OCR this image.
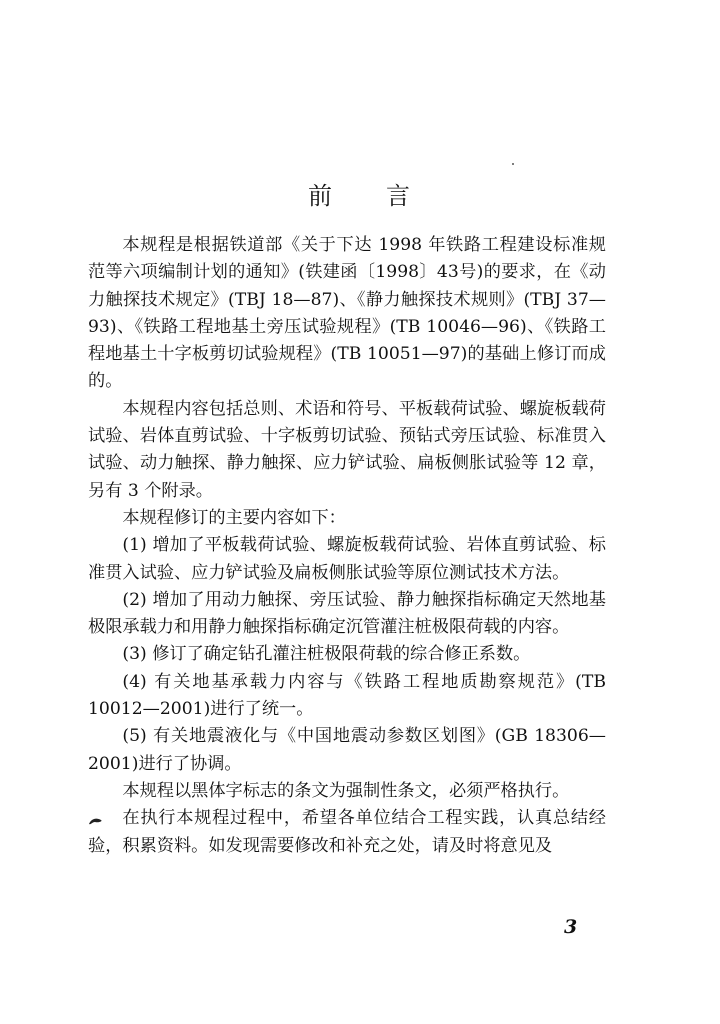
前 言

本规程是根据铁道部《关于下达 1998 年铁路工程建设标准规范等六项编制计划的通知》(铁建函〔1998〕43号)的要求，在《动力触探技术规定》(TBJ 18—87)、《静力触探技术规则》(TBJ 37—93)、《铁路工程地基土旁压试验规程》(TB 10046—96)、《铁路工程地基土十字板剪切试验规程》(TB 10051—97)的基础上修订而成的。

本规程内容包括总则、术语和符号、平板载荷试验、螺旋板载荷试验、岩体直剪试验、十字板剪切试验、预钻式旁压试验、标准贯入试验、动力触探、静力触探、应力铲试验、扁板侧胀试验等 12 章，另有 3 个附录。

本规程修订的主要内容如下：

(1) 增加了平板载荷试验、螺旋板载荷试验、岩体直剪试验、标准贯入试验、应力铲试验及扁板侧胀试验等原位测试技术方法。

(2) 增加了用动力触探、旁压试验、静力触探指标确定天然地基极限承载力和用静力触探指标确定沉管灌注桩极限荷载的内容。

(3) 修订了确定钻孔灌注桩极限荷载的综合修正系数。

(4) 有关地基承载力内容与《铁路工程地质勘察规范》(TB 10012—2001)进行了统一。

(5) 有关地震液化与《中国地震动参数区划图》(GB 18306—2001)进行了协调。

本规程以黑体字标志的条文为强制性条文，必须严格执行。

在执行本规程过程中，希望各单位结合工程实践，认真总结经验，积累资料。如发现需要修改和补充之处，请及时将意见及

3
